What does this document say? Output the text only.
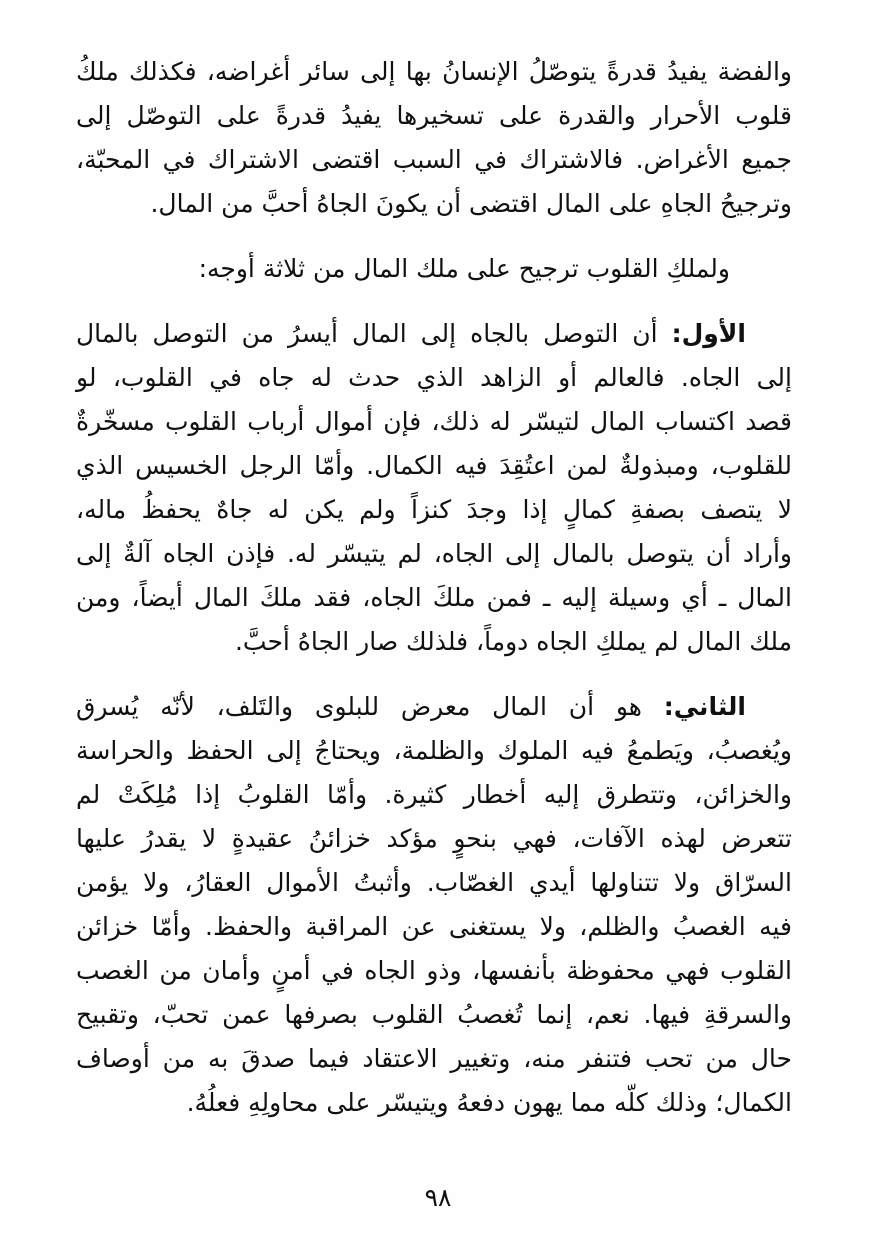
والفضة يفيدُ قدرةً يتوصّلُ الإنسانُ بها إلى سائر أغراضه، فكذلك ملكُ
قلوب الأحرار والقدرة على تسخيرها يفيدُ قدرةً على التوصّل إلى
جميع الأغراض. فالاشتراك في السبب اقتضى الاشتراك في المحبّة،
وترجيحُ الجاهِ على المال اقتضى أن يكونَ الجاهُ أحبَّ من المال.
ولملكِ القلوب ترجيح على ملك المال من ثلاثة أوجه:
الأول: أن التوصل بالجاه إلى المال أيسرُ من التوصل بالمال
إلى الجاه. فالعالم أو الزاهد الذي حدث له جاه في القلوب، لو
قصد اكتساب المال لتيسّر له ذلك، فإن أموال أرباب القلوب مسخّرةٌ
للقلوب، ومبذولةٌ لمن اعتُقِدَ فيه الكمال. وأمّا الرجل الخسيس الذي
لا يتصف بصفةِ كمالٍ إذا وجدَ كنزاً ولم يكن له جاهٌ يحفظُ ماله،
وأراد أن يتوصل بالمال إلى الجاه، لم يتيسّر له. فإذن الجاه آلةٌ إلى
المال ـ أي وسيلة إليه ـ فمن ملكَ الجاه، فقد ملكَ المال أيضاً، ومن
ملك المال لم يملكِ الجاه دوماً، فلذلك صار الجاهُ أحبَّ.
الثاني: هو أن المال معرض للبلوى والتَلف، لأنّه يُسرق
ويُغصبُ، ويَطمعُ فيه الملوك والظلمة، ويحتاجُ إلى الحفظ والحراسة
والخزائن، وتتطرق إليه أخطار كثيرة. وأمّا القلوبُ إذا مُلِكَتْ لم
تتعرض لهذه الآفات، فهي بنحوٍ مؤكد خزائنُ عقيدةٍ لا يقدرُ عليها
السرّاق ولا تتناولها أيدي الغصّاب. وأثبتُ الأموال العقارُ، ولا يؤمن
فيه الغصبُ والظلم، ولا يستغنى عن المراقبة والحفظ. وأمّا خزائن
القلوب فهي محفوظة بأنفسها، وذو الجاه في أمنٍ وأمان من الغصب
والسرقةِ فيها. نعم، إنما تُغصبُ القلوب بصرفها عمن تحبّ، وتقبيح
حال من تحب فتنفر منه، وتغيير الاعتقاد فيما صدقَ به من أوصاف
الكمال؛ وذلك كلّه مما يهون دفعهُ ويتيسّر على محاولِهِ فعلُهُ.
٩٨
